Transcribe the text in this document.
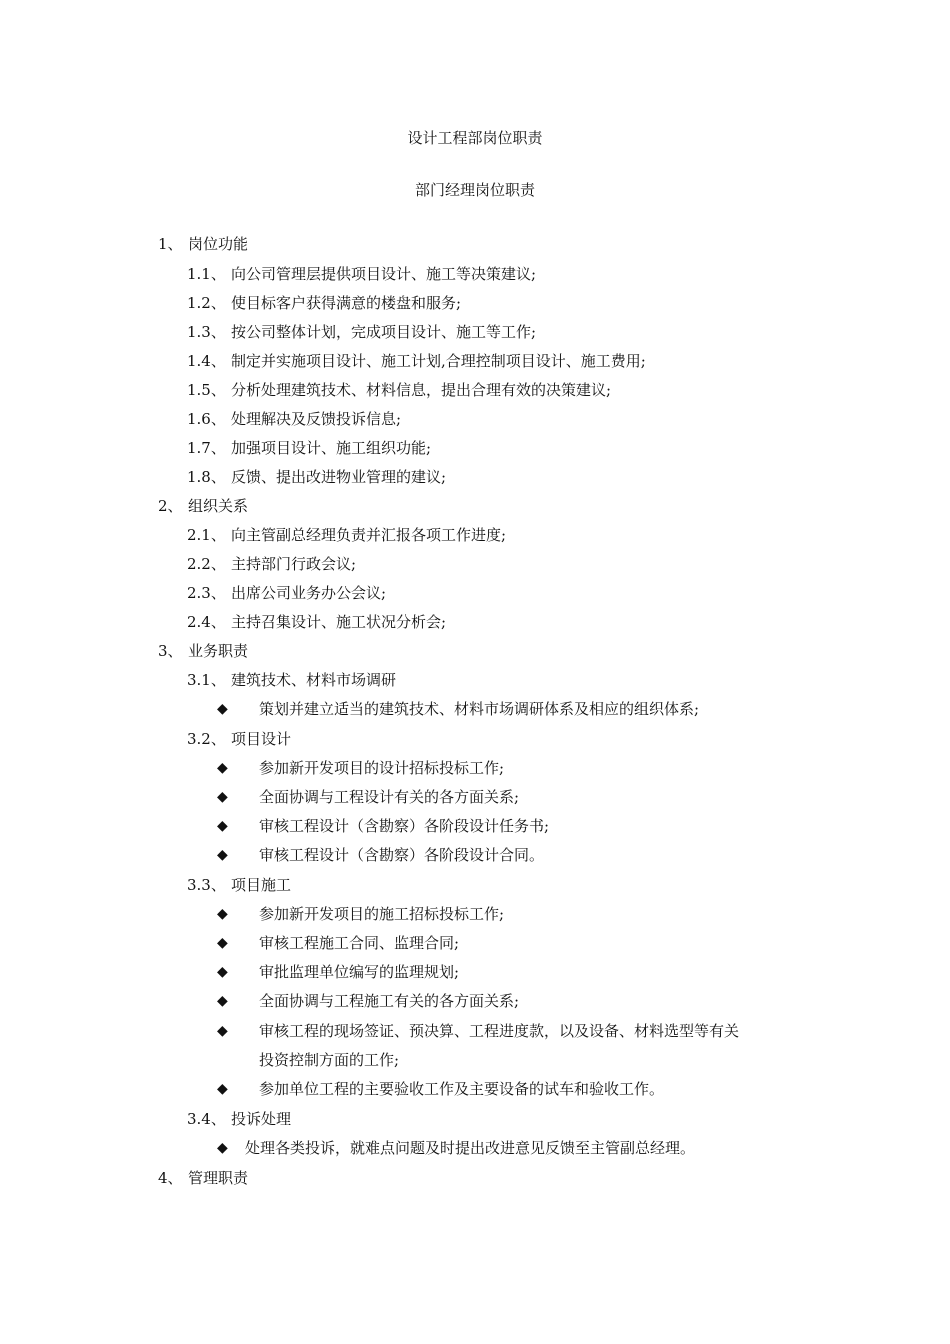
设计工程部岗位职责
部门经理岗位职责
1、 岗位功能
1.1、 向公司管理层提供项目设计、施工等决策建议;
1.2、 使目标客户获得满意的楼盘和服务;
1.3、 按公司整体计划，完成项目设计、施工等工作;
1.4、 制定并实施项目设计、施工计划,合理控制项目设计、施工费用;
1.5、 分析处理建筑技术、材料信息，提出合理有效的决策建议;
1.6、 处理解决及反馈投诉信息;
1.7、 加强项目设计、施工组织功能;
1.8、 反馈、提出改进物业管理的建议;
2、 组织关系
2.1、 向主管副总经理负责并汇报各项工作进度;
2.2、 主持部门行政会议;
2.3、 出席公司业务办公会议;
2.4、 主持召集设计、施工状况分析会;
3、 业务职责
3.1、 建筑技术、材料市场调研
◆ 策划并建立适当的建筑技术、材料市场调研体系及相应的组织体系;
3.2、 项目设计
◆ 参加新开发项目的设计招标投标工作;
◆ 全面协调与工程设计有关的各方面关系;
◆ 审核工程设计（含勘察）各阶段设计任务书;
◆ 审核工程设计（含勘察）各阶段设计合同。
3.3、 项目施工
◆ 参加新开发项目的施工招标投标工作;
◆ 审核工程施工合同、监理合同;
◆ 审批监理单位编写的监理规划;
◆ 全面协调与工程施工有关的各方面关系;
◆ 审核工程的现场签证、预决算、工程进度款，以及设备、材料选型等有关
投资控制方面的工作;
◆ 参加单位工程的主要验收工作及主要设备的试车和验收工作。
3.4、 投诉处理
◆ 处理各类投诉，就难点问题及时提出改进意见反馈至主管副总经理。
4、 管理职责
